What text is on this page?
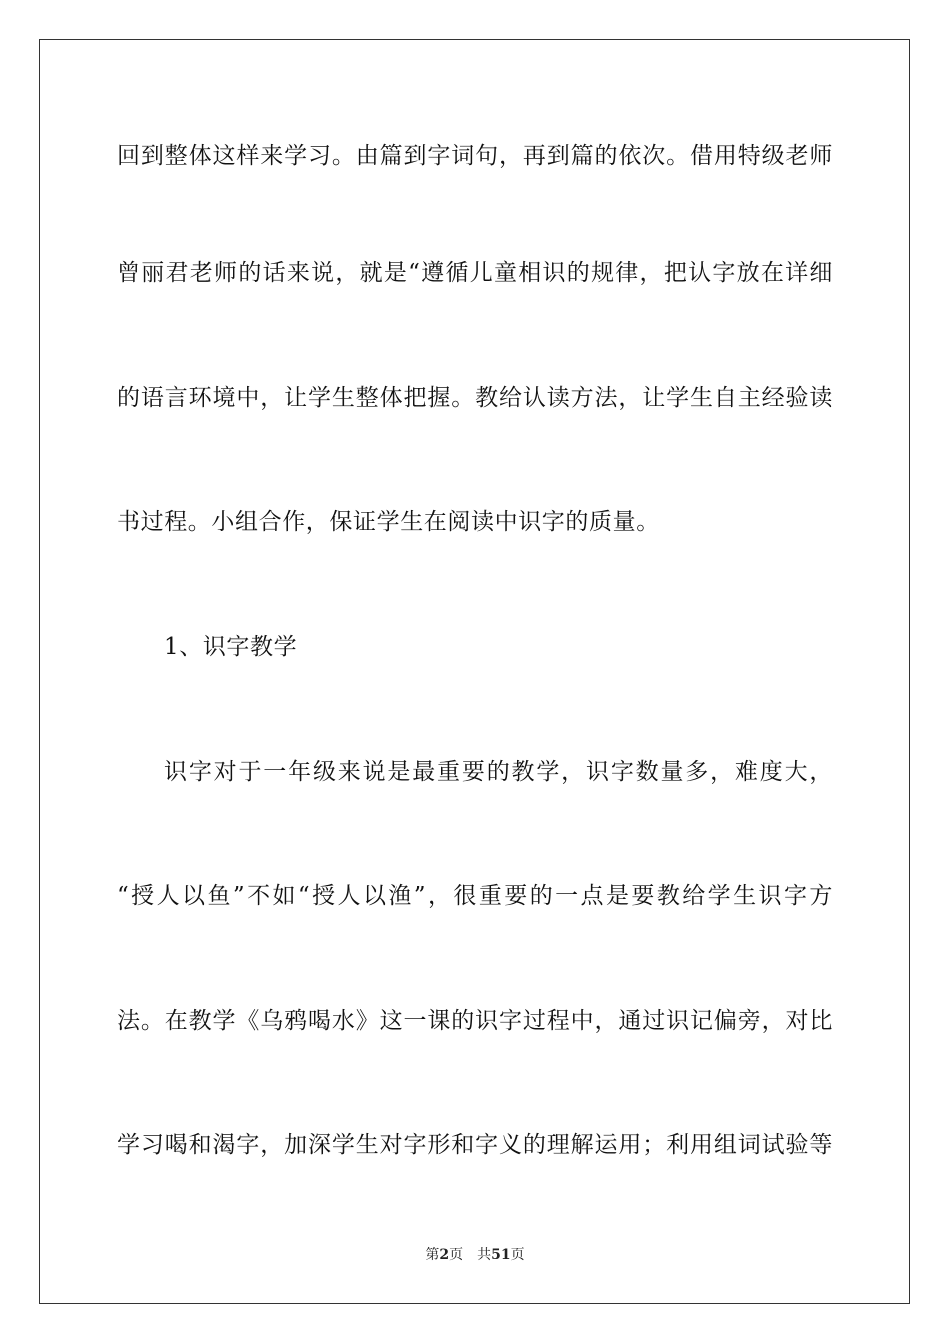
回到整体这样来学习。由篇到字词句，再到篇的依次。借用特级老师
曾丽君老师的话来说，就是“遵循儿童相识的规律，把认字放在详细
的语言环境中，让学生整体把握。教给认读方法，让学生自主经验读
书过程。小组合作，保证学生在阅读中识字的质量。
1、识字教学
识字对于一年级来说是最重要的教学，识字数量多，难度大，
“授人以鱼”不如“授人以渔”，很重要的一点是要教给学生识字方
法。在教学《乌鸦喝水》这一课的识字过程中，通过识记偏旁，对比
学习喝和渴字，加深学生对字形和字义的理解运用；利用组词试验等
第2页 共51页
